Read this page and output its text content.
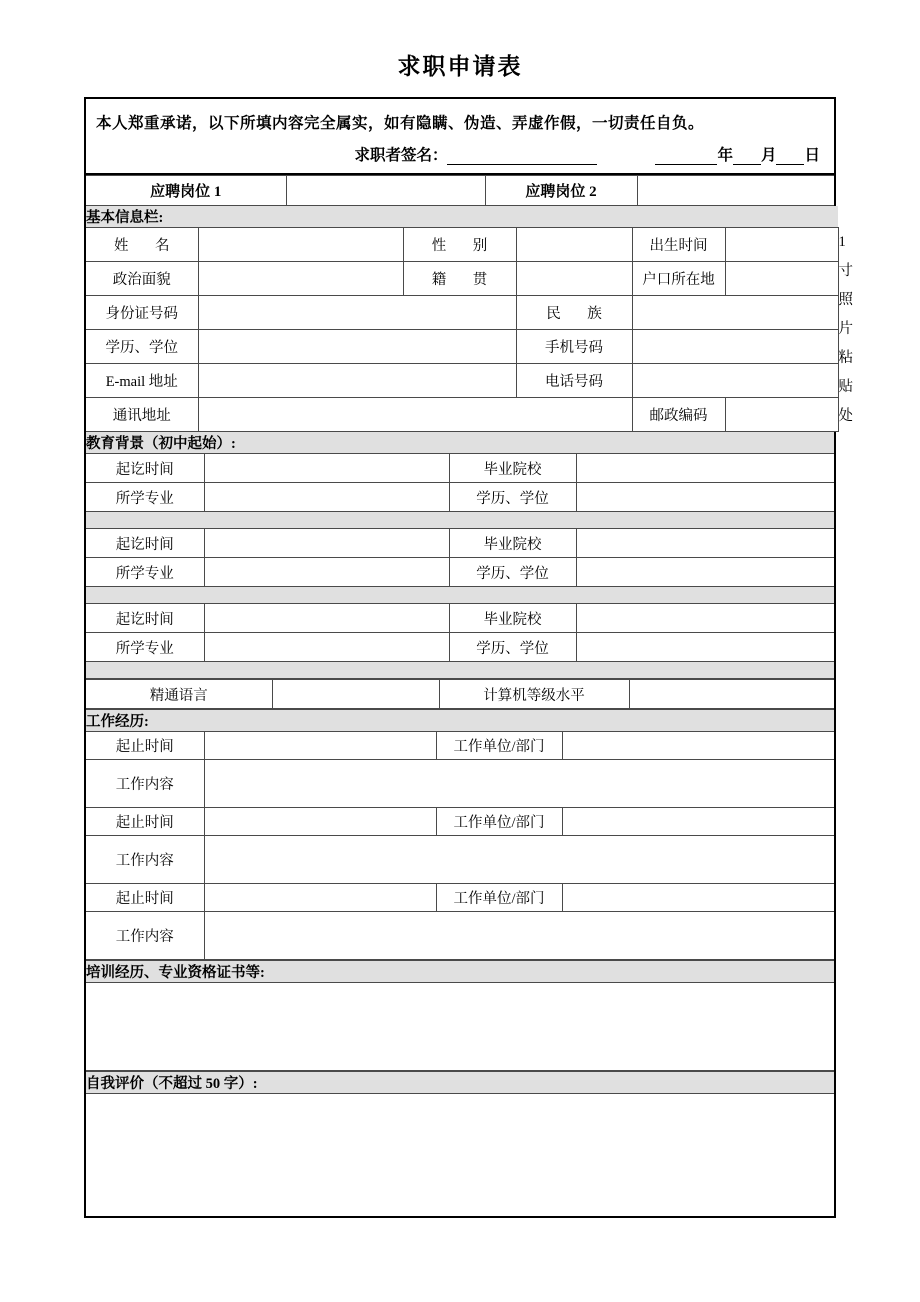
求职申请表
本人郑重承诺，以下所填内容完全属实，如有隐瞒、伪造、弄虚作假，一切责任自负。
求职者签名：	年 月 日
应聘岗位 1		应聘岗位 2	
基本信息栏:						
姓　名		性　别		出生时间		1 寸照片
粘贴处

政治面貌		籍　贯		户口所在地		
身份证号码			民　族			
学历、学位			手机号码			
E-mail 地址			电话号码			
通讯地址				邮政编码		
教育背景（初中起始）:			
起讫时间		毕业院校	
所学专业		学历、学位	

起讫时间		毕业院校	
所学专业		学历、学位	

起讫时间		毕业院校	
所学专业		学历、学位	

精通语言		计算机等级水平	
工作经历:			
起止时间		工作单位/部门	
工作内容			
起止时间		工作单位/部门	
工作内容			
起止时间		工作单位/部门	
工作内容			
培训经历、专业资格证书等:

自我评价（不超过 50 字）:
